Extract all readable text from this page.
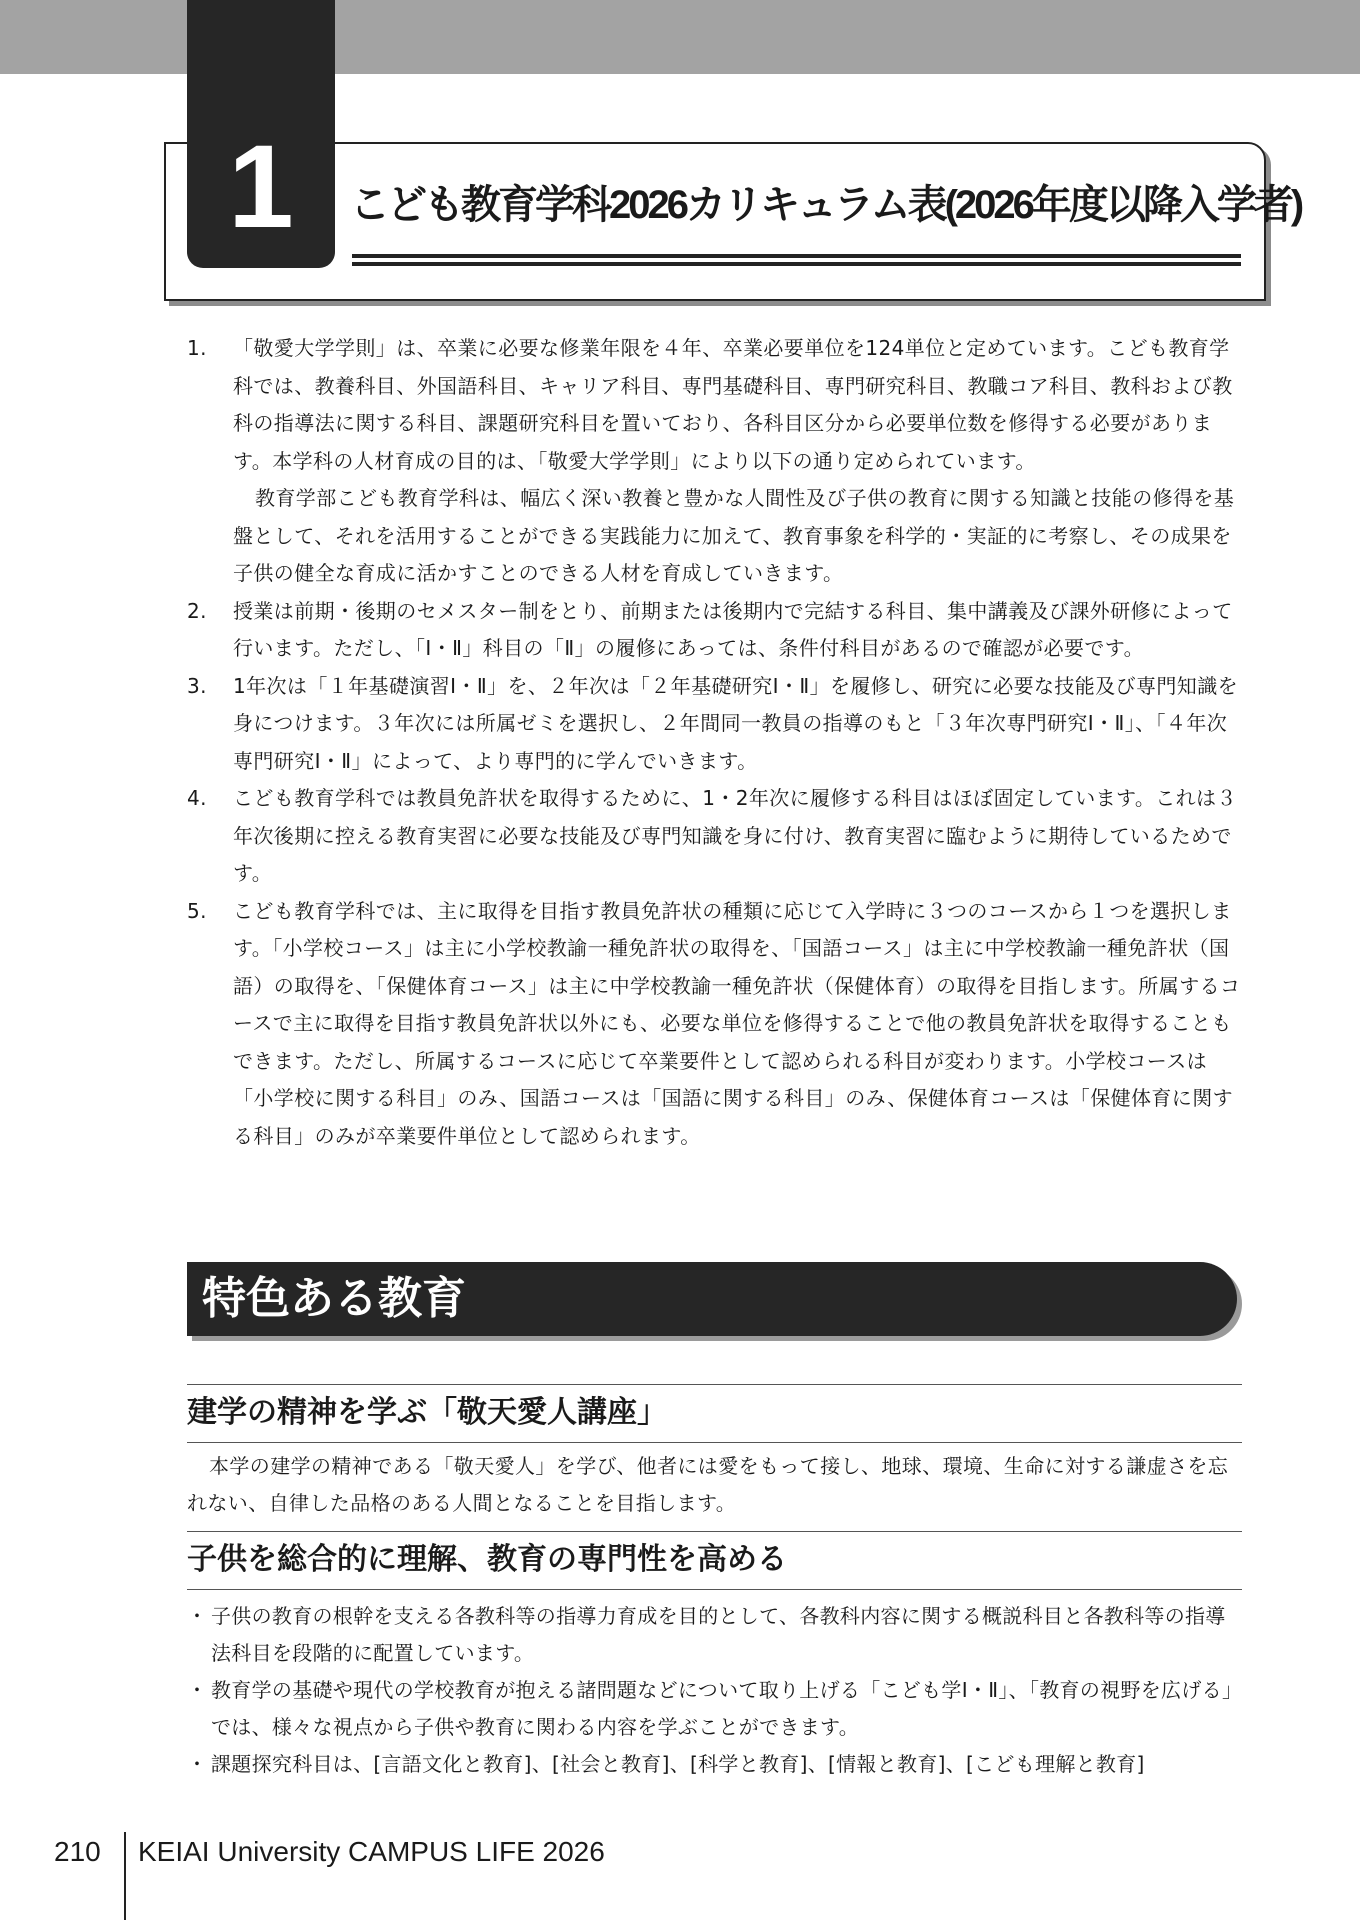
1	こども教育学科2026カリキュラム表(2026年度以降入学者)
1. 「敬愛大学学則」は、卒業に必要な修業年限を４年、卒業必要単位を124単位と定めています。こども教育学科では、教養科目、外国語科目、キャリア科目、専門基礎科目、専門研究科目、教職コア科目、教科および教科の指導法に関する科目、課題研究科目を置いており、各科目区分から必要単位数を修得する必要があります。本学科の人材育成の目的は、「敬愛大学学則」により以下の通り定められています。
教育学部こども教育学科は、幅広く深い教養と豊かな人間性及び子供の教育に関する知識と技能の修得を基盤として、それを活用することができる実践能力に加えて、教育事象を科学的・実証的に考察し、その成果を子供の健全な育成に活かすことのできる人材を育成していきます。
2. 授業は前期・後期のセメスター制をとり、前期または後期内で完結する科目、集中講義及び課外研修によって行います。ただし、「Ⅰ・Ⅱ」科目の「Ⅱ」の履修にあっては、条件付科目があるので確認が必要です。
3. 1年次は「１年基礎演習Ⅰ・Ⅱ」を、２年次は「２年基礎研究Ⅰ・Ⅱ」を履修し、研究に必要な技能及び専門知識を身につけます。３年次には所属ゼミを選択し、２年間同一教員の指導のもと「３年次専門研究Ⅰ・Ⅱ」、「４年次専門研究Ⅰ・Ⅱ」によって、より専門的に学んでいきます。
4. こども教育学科では教員免許状を取得するために、1・2年次に履修する科目はほぼ固定しています。これは３年次後期に控える教育実習に必要な技能及び専門知識を身に付け、教育実習に臨むように期待しているためです。
5. こども教育学科では、主に取得を目指す教員免許状の種類に応じて入学時に３つのコースから１つを選択します。「小学校コース」は主に小学校教諭一種免許状の取得を、「国語コース」は主に中学校教諭一種免許状（国語）の取得を、「保健体育コース」は主に中学校教諭一種免許状（保健体育）の取得を目指します。所属するコースで主に取得を目指す教員免許状以外にも、必要な単位を修得することで他の教員免許状を取得することもできます。ただし、所属するコースに応じて卒業要件として認められる科目が変わります。小学校コースは「小学校に関する科目」のみ、国語コースは「国語に関する科目」のみ、保健体育コースは「保健体育に関する科目」のみが卒業要件単位として認められます。
特色ある教育
建学の精神を学ぶ「敬天愛人講座」
本学の建学の精神である「敬天愛人」を学び、他者には愛をもって接し、地球、環境、生命に対する謙虚さを忘れない、自律した品格のある人間となることを目指します。
子供を総合的に理解、教育の専門性を高める
・ 子供の教育の根幹を支える各教科等の指導力育成を目的として、各教科内容に関する概説科目と各教科等の指導法科目を段階的に配置しています。
・ 教育学の基礎や現代の学校教育が抱える諸問題などについて取り上げる「こども学Ⅰ・Ⅱ」、「教育の視野を広げる」では、様々な視点から子供や教育に関わる内容を学ぶことができます。
・ 課題探究科目は、[言語文化と教育]、[社会と教育]、[科学と教育]、[情報と教育]、[こども理解と教育]
210 KEIAI University CAMPUS LIFE 2026
